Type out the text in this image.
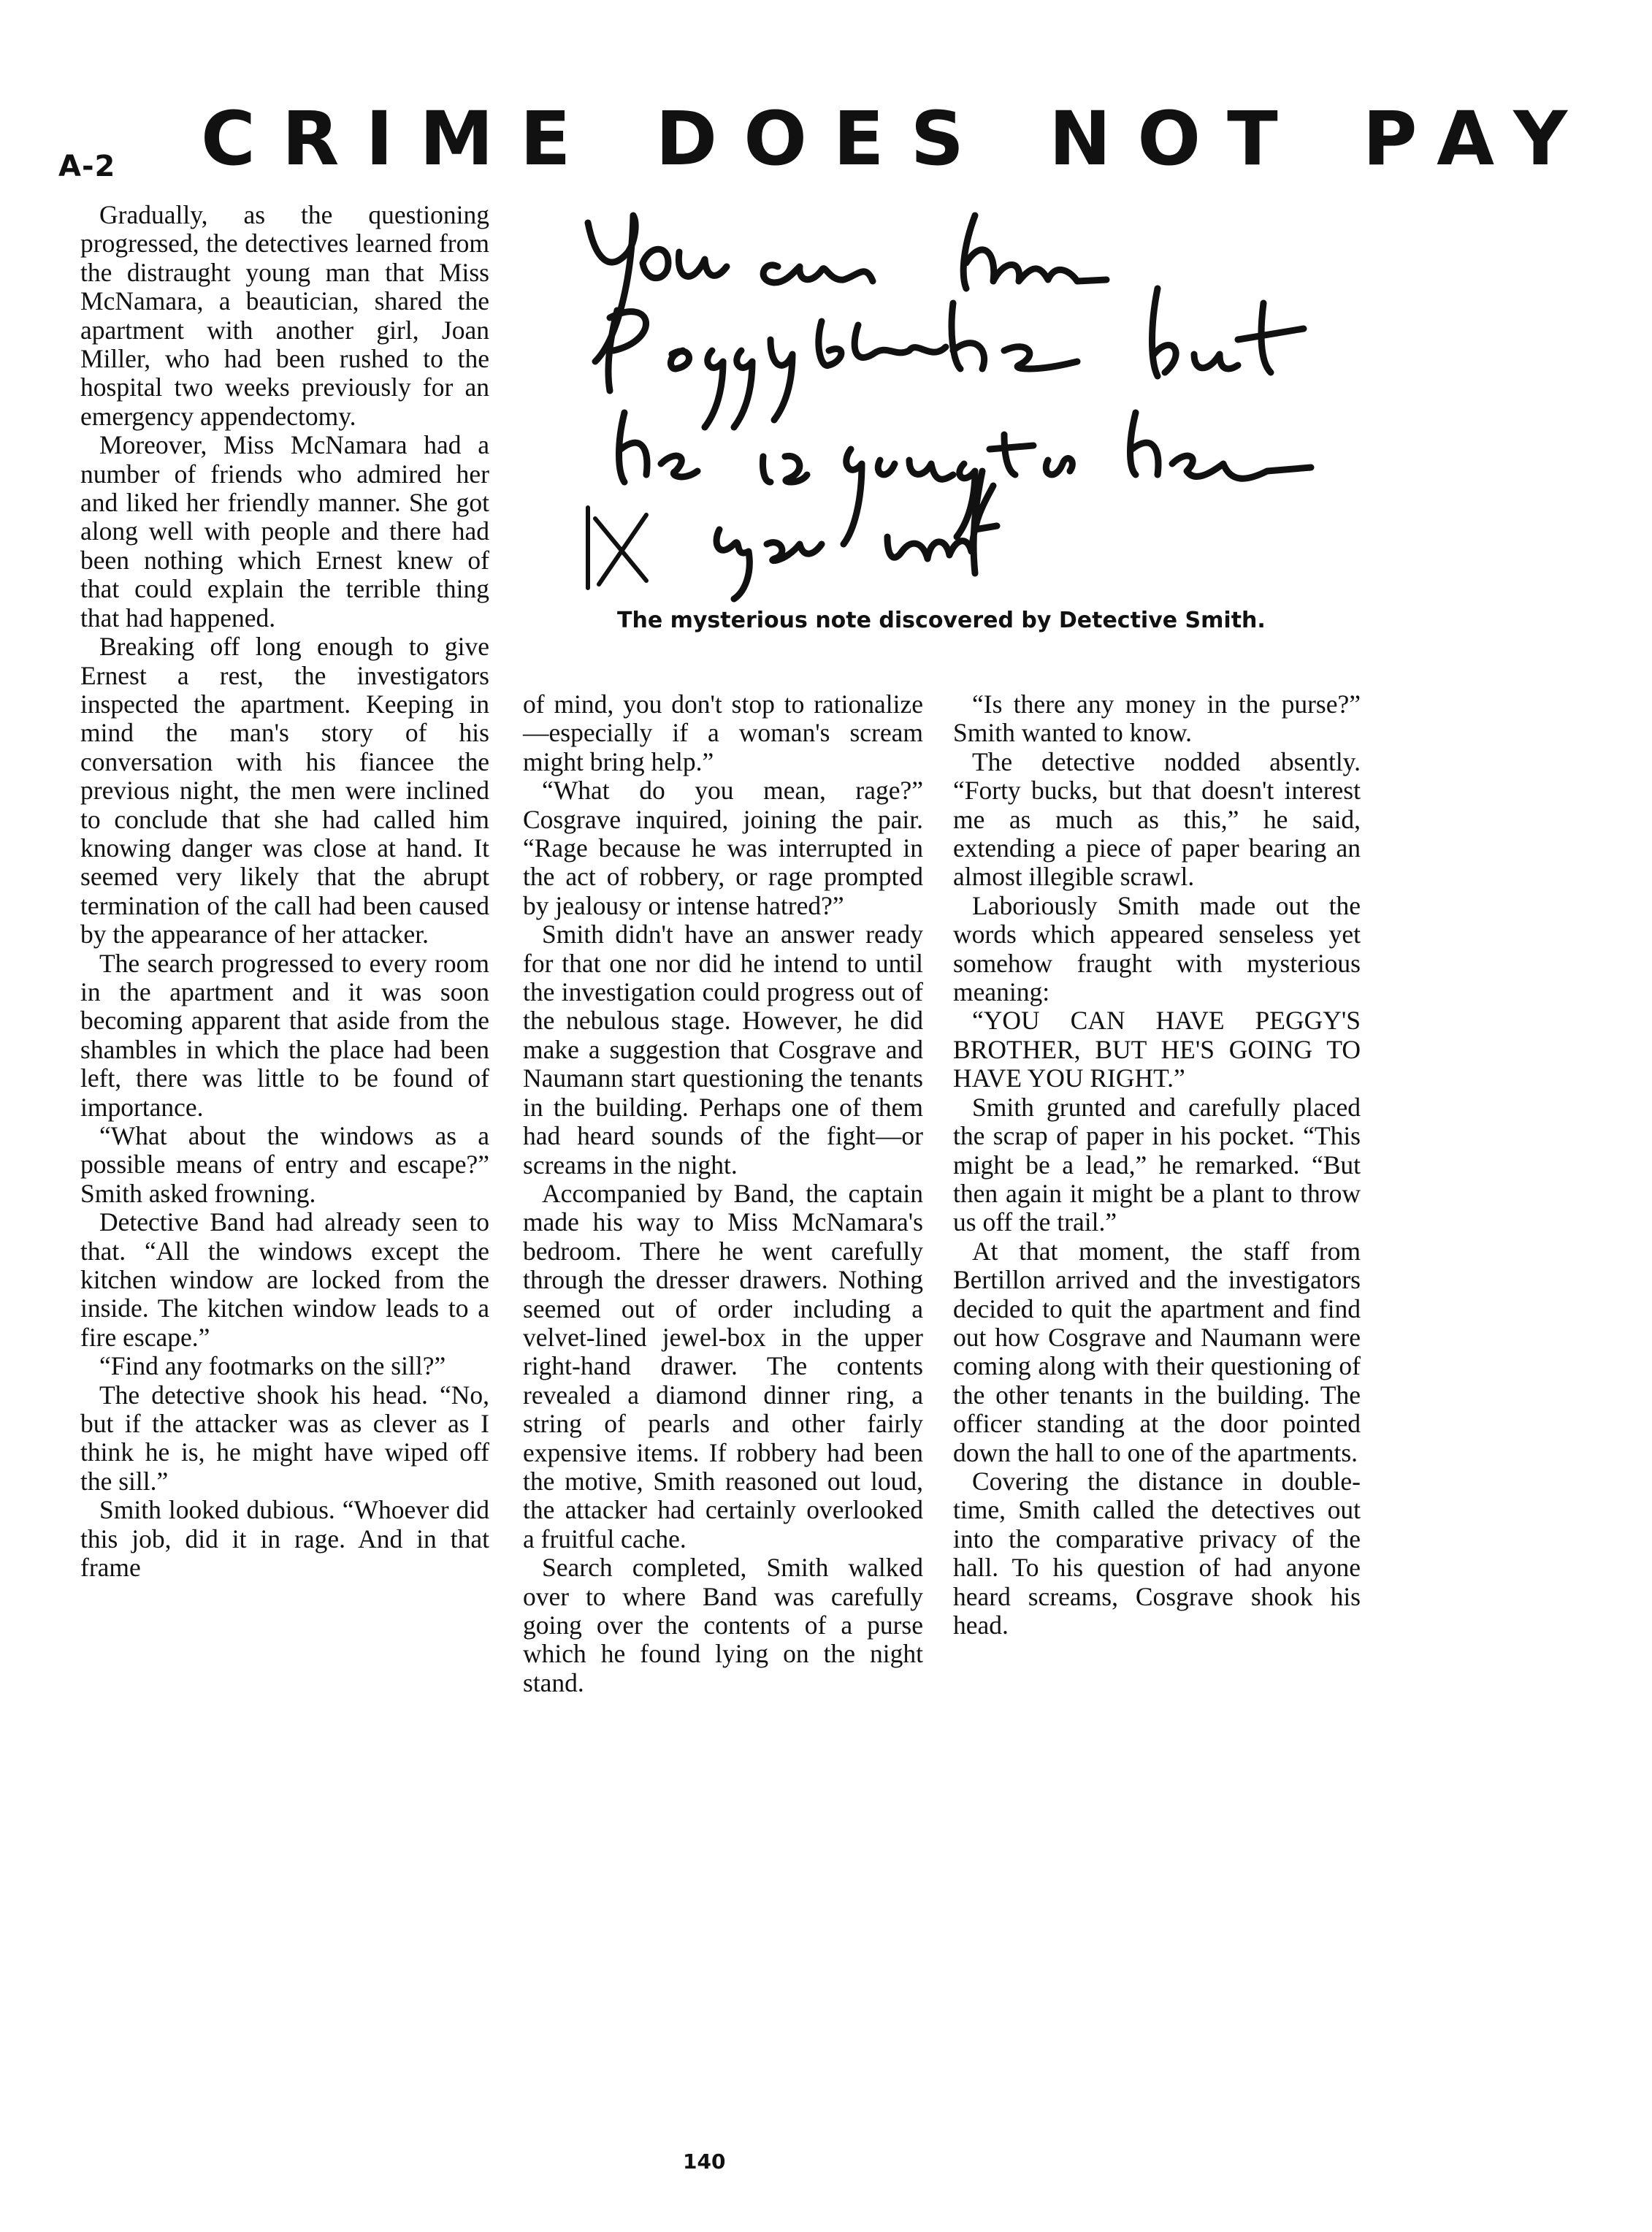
A-2 CRIME DOES NOT PAY

Gradually, as the questioning progressed, the detectives learned from the distraught young man that Miss McNamara, a beautician, shared the apartment with another girl, Joan Miller, who had been rushed to the hospital two weeks previously for an emergency appendectomy.

Moreover, Miss McNamara had a number of friends who admired her and liked her friendly manner. She got along well with people and there had been nothing which Ernest knew of that could explain the terrible thing that had happened.

Breaking off long enough to give Ernest a rest, the investigators inspected the apartment. Keeping in mind the man's story of his conversation with his fiancee the previous night, the men were inclined to conclude that she had called him knowing danger was close at hand. It seemed very likely that the abrupt termination of the call had been caused by the appearance of her attacker.

The search progressed to every room in the apartment and it was soon becoming apparent that aside from the shambles in which the place had been left, there was little to be found of importance.

“What about the windows as a possible means of entry and escape?” Smith asked frowning.

Detective Band had already seen to that. “All the windows except the kitchen window are locked from the inside. The kitchen window leads to a fire escape.”

“Find any footmarks on the sill?”

The detective shook his head. “No, but if the attacker was as clever as I think he is, he might have wiped off the sill.”

Smith looked dubious. “Whoever did this job, did it in rage. And in that frame

The mysterious note discovered by Detective Smith.

of mind, you don't stop to rationalize—especially if a woman's scream might bring help.”

“What do you mean, rage?” Cosgrave inquired, joining the pair. “Rage because he was interrupted in the act of robbery, or rage prompted by jealousy or intense hatred?”

Smith didn't have an answer ready for that one nor did he intend to until the investigation could progress out of the nebulous stage. However, he did make a suggestion that Cosgrave and Naumann start questioning the tenants in the building. Perhaps one of them had heard sounds of the fight—or screams in the night.

Accompanied by Band, the captain made his way to Miss McNamara's bedroom. There he went carefully through the dresser drawers. Nothing seemed out of order including a velvet-lined jewel-box in the upper right-hand drawer. The contents revealed a diamond dinner ring, a string of pearls and other fairly expensive items. If robbery had been the motive, Smith reasoned out loud, the attacker had certainly overlooked a fruitful cache.

Search completed, Smith walked over to where Band was carefully going over the contents of a purse which he found lying on the night stand.

“Is there any money in the purse?” Smith wanted to know.

The detective nodded absently. “Forty bucks, but that doesn't interest me as much as this,” he said, extending a piece of paper bearing an almost illegible scrawl.

Laboriously Smith made out the words which appeared senseless yet somehow fraught with mysterious meaning:

“YOU CAN HAVE PEGGY'S BROTHER, BUT HE'S GOING TO HAVE YOU RIGHT.”

Smith grunted and carefully placed the scrap of paper in his pocket. “This might be a lead,” he remarked. “But then again it might be a plant to throw us off the trail.”

At that moment, the staff from Bertillon arrived and the investigators decided to quit the apartment and find out how Cosgrave and Naumann were coming along with their questioning of the other tenants in the building. The officer standing at the door pointed down the hall to one of the apartments.

Covering the distance in double-time, Smith called the detectives out into the comparative privacy of the hall. To his question of had anyone heard screams, Cosgrave shook his head.

140
